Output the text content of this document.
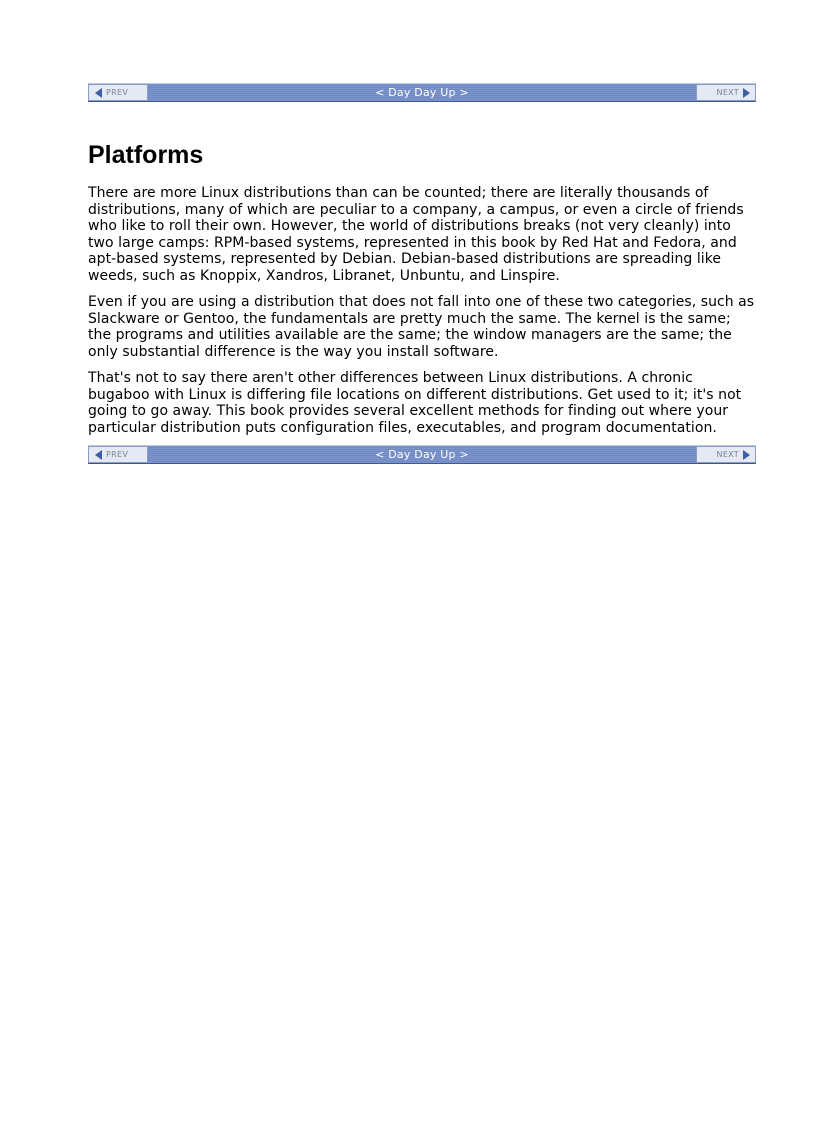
PREV	< Day Day Up >	NEXT
Platforms

There are more Linux distributions than can be counted; there are literally thousands of distributions, many of which are peculiar to a company, a campus, or even a circle of friends who like to roll their own. However, the world of distributions breaks (not very cleanly) into two large camps: RPM-based systems, represented in this book by Red Hat and Fedora, and apt-based systems, represented by Debian. Debian-based distributions are spreading like weeds, such as Knoppix, Xandros, Libranet, Unbuntu, and Linspire.

Even if you are using a distribution that does not fall into one of these two categories, such as Slackware or Gentoo, the fundamentals are pretty much the same. The kernel is the same; the programs and utilities available are the same; the window managers are the same; the only substantial difference is the way you install software.

That's not to say there aren't other differences between Linux distributions. A chronic bugaboo with Linux is differing file locations on different distributions. Get used to it; it's not going to go away. This book provides several excellent methods for finding out where your particular distribution puts configuration files, executables, and program documentation.

PREV	< Day Day Up >	NEXT
